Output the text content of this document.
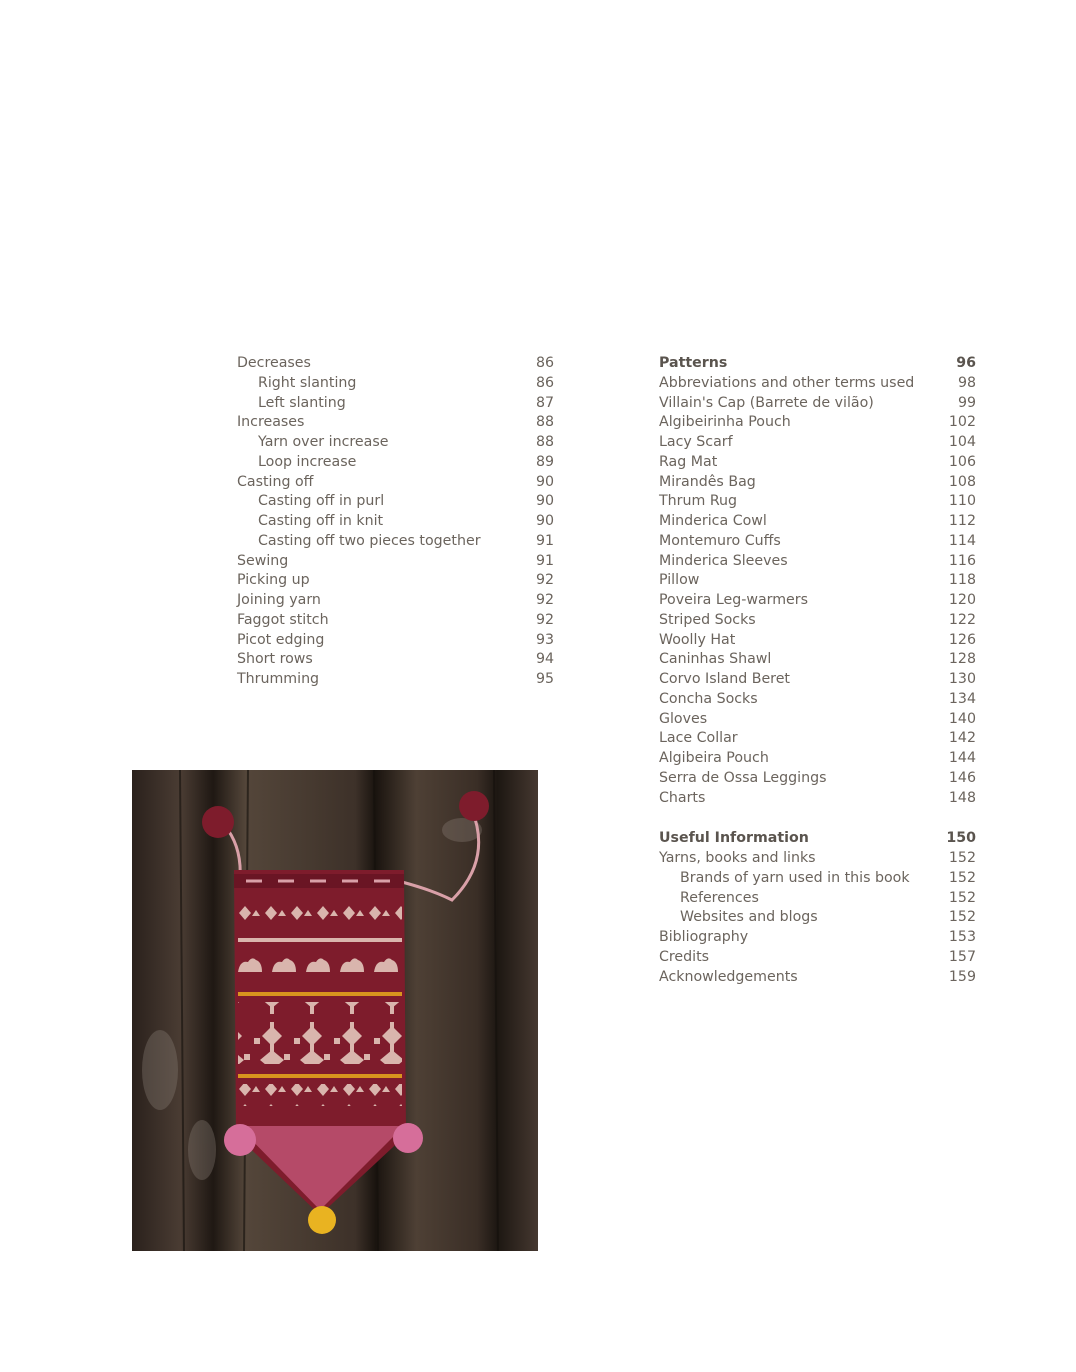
Decreases	86
Right slanting	86
Left slanting	87
Increases	88
Yarn over increase	88
Loop increase	89
Casting off	90
Casting off in purl	90
Casting off in knit	90
Casting off two pieces together	91
Sewing	91
Picking up	92
Joining yarn	92
Faggot stitch	92
Picot edging	93
Short rows	94
Thrumming	95
Patterns	96
Abbreviations and other terms used	98
Villain's Cap (Barrete de vilão)	99
Algibeirinha Pouch	102
Lacy Scarf	104
Rag Mat	106
Mirandês Bag	108
Thrum Rug	110
Minderica Cowl	112
Montemuro Cuffs	114
Minderica Sleeves	116
Pillow	118
Poveira Leg-warmers	120
Striped Socks	122
Woolly Hat	126
Caninhas Shawl	128
Corvo Island Beret	130
Concha Socks	134
Gloves	140
Lace Collar	142
Algibeira Pouch	144
Serra de Ossa Leggings	146
Charts	148
Useful Information	150
Yarns, books and links	152
Brands of yarn used in this book	152
References	152
Websites and blogs	152
Bibliography	153
Credits	157
Acknowledgements	159
